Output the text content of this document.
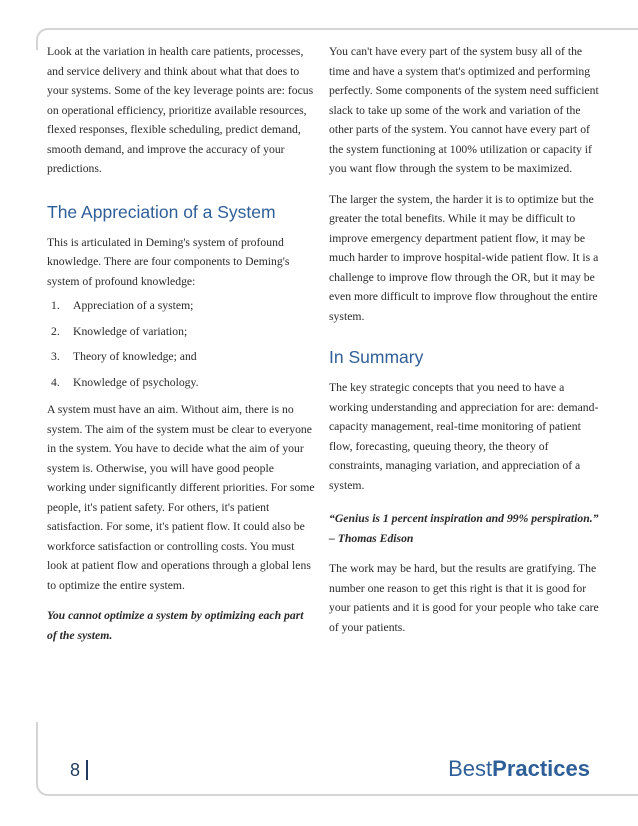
Look at the variation in health care patients, processes, and service delivery and think about what that does to your systems. Some of the key leverage points are: focus on operational efficiency, prioritize available resources, flexed responses, flexible scheduling, predict demand, smooth demand, and improve the accuracy of your predictions.

The Appreciation of a System

This is articulated in Deming's system of profound knowledge. There are four components to Deming's system of profound knowledge:

1.	Appreciation of a system;
2.	Knowledge of variation;
3.	Theory of knowledge; and
4.	Knowledge of psychology.

A system must have an aim. Without aim, there is no system. The aim of the system must be clear to everyone in the system. You have to decide what the aim of your system is. Otherwise, you will have good people working under significantly different priorities. For some people, it's patient safety. For others, it's patient satisfaction. For some, it's patient flow. It could also be workforce satisfaction or controlling costs. You must look at patient flow and operations through a global lens to optimize the entire system.

You cannot optimize a system by optimizing each part of the system.

You can't have every part of the system busy all of the time and have a system that's optimized and performing perfectly. Some components of the system need sufficient slack to take up some of the work and variation of the other parts of the system. You cannot have every part of the system functioning at 100% utilization or capacity if you want flow through the system to be maximized.

The larger the system, the harder it is to optimize but the greater the total benefits. While it may be difficult to improve emergency department patient flow, it may be much harder to improve hospital-wide patient flow. It is a challenge to improve flow through the OR, but it may be even more difficult to improve flow throughout the entire system.

In Summary

The key strategic concepts that you need to have a working understanding and appreciation for are: demand-capacity management, real-time monitoring of patient flow, forecasting, queuing theory, the theory of constraints, managing variation, and appreciation of a system.

“Genius is 1 percent inspiration and 99% perspiration.” – Thomas Edison

The work may be hard, but the results are gratifying. The number one reason to get this right is that it is good for your patients and it is good for your people who take care of your patients.

8	BestPractices
